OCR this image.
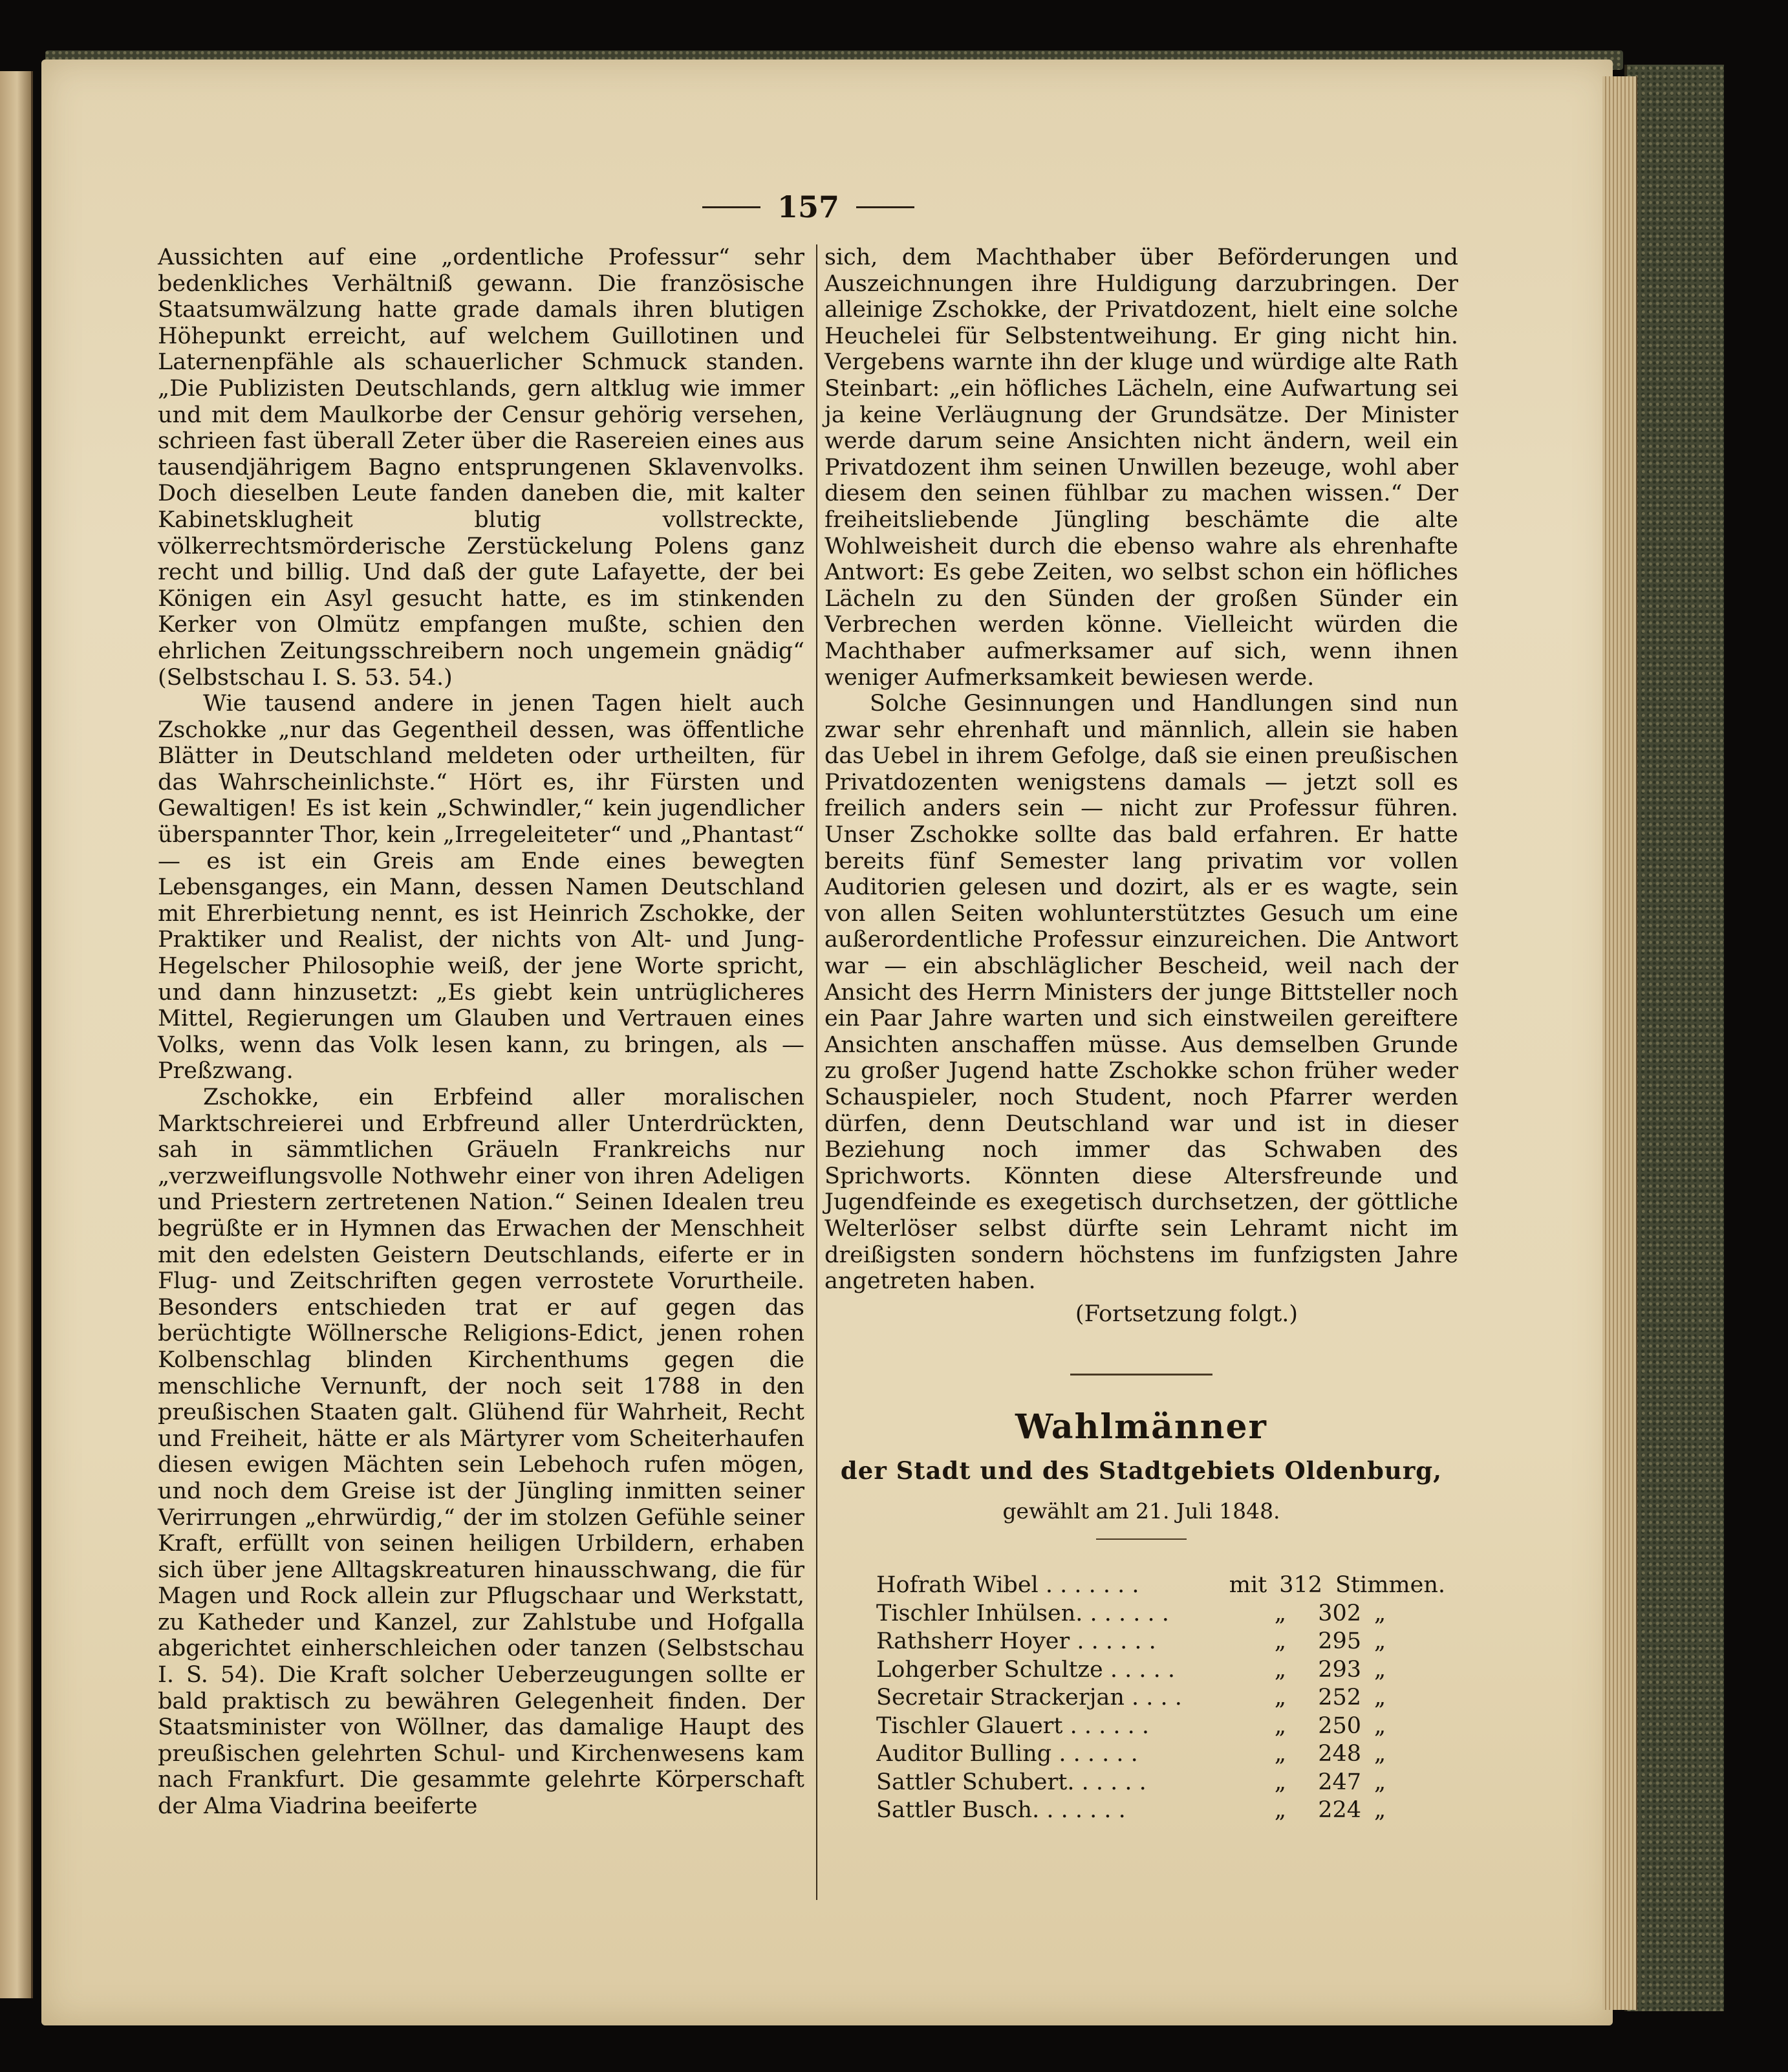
157

Aussichten auf eine „ordentliche Professur“ sehr bedenkliches Verhältniß gewann. Die französische Staatsumwälzung hatte grade damals ihren blutigen Höhepunkt erreicht, auf welchem Guillotinen und Laternenpfähle als schauerlicher Schmuck standen. „Die Publizisten Deutschlands, gern altklug wie immer und mit dem Maulkorbe der Censur gehörig versehen, schrieen fast überall Zeter über die Rasereien eines aus tausendjährigem Bagno entsprungenen Sklavenvolks. Doch dieselben Leute fanden daneben die, mit kalter Kabinetsklugheit blutig vollstreckte, völkerrechtsmörderische Zerstückelung Polens ganz recht und billig. Und daß der gute Lafayette, der bei Königen ein Asyl gesucht hatte, es im stinkenden Kerker von Olmütz empfangen mußte, schien den ehrlichen Zeitungsschreibern noch ungemein gnädig“ (Selbstschau I. S. 53. 54.)

Wie tausend andere in jenen Tagen hielt auch Zschokke „nur das Gegentheil dessen, was öffentliche Blätter in Deutschland meldeten oder urtheilten, für das Wahrscheinlichste.“ Hört es, ihr Fürsten und Gewaltigen! Es ist kein „Schwindler,“ kein jugendlicher überspannter Thor, kein „Irregeleiteter“ und „Phantast“ — es ist ein Greis am Ende eines bewegten Lebensganges, ein Mann, dessen Namen Deutschland mit Ehrerbietung nennt, es ist Heinrich Zschokke, der Praktiker und Realist, der nichts von Alt- und Jung-Hegelscher Philosophie weiß, der jene Worte spricht, und dann hinzusetzt: „Es giebt kein untrüglicheres Mittel, Regierungen um Glauben und Vertrauen eines Volks, wenn das Volk lesen kann, zu bringen, als — Preßzwang.

Zschokke, ein Erbfeind aller moralischen Marktschreierei und Erbfreund aller Unterdrückten, sah in sämmtlichen Gräueln Frankreichs nur „verzweiflungsvolle Nothwehr einer von ihren Adeligen und Priestern zertretenen Nation.“ Seinen Idealen treu begrüßte er in Hymnen das Erwachen der Menschheit mit den edelsten Geistern Deutschlands, eiferte er in Flug- und Zeitschriften gegen verrostete Vorurtheile. Besonders entschieden trat er auf gegen das berüchtigte Wöllnersche Religions-Edict, jenen rohen Kolbenschlag blinden Kirchenthums gegen die menschliche Vernunft, der noch seit 1788 in den preußischen Staaten galt. Glühend für Wahrheit, Recht und Freiheit, hätte er als Märtyrer vom Scheiterhaufen diesen ewigen Mächten sein Lebehoch rufen mögen, und noch dem Greise ist der Jüngling inmitten seiner Verirrungen „ehrwürdig,“ der im stolzen Gefühle seiner Kraft, erfüllt von seinen heiligen Urbildern, erhaben sich über jene Alltagskreaturen hinausschwang, die für Magen und Rock allein zur Pflugschaar und Werkstatt, zu Katheder und Kanzel, zur Zahlstube und Hofgalla abgerichtet einherschleichen oder tanzen (Selbstschau I. S. 54). Die Kraft solcher Ueberzeugungen sollte er bald praktisch zu bewähren Gelegenheit finden. Der Staatsminister von Wöllner, das damalige Haupt des preußischen gelehrten Schul- und Kirchenwesens kam nach Frankfurt. Die gesammte gelehrte Körperschaft der Alma Viadrina beeiferte

sich, dem Machthaber über Beförderungen und Auszeichnungen ihre Huldigung darzubringen. Der alleinige Zschokke, der Privatdozent, hielt eine solche Heuchelei für Selbstentweihung. Er ging nicht hin. Vergebens warnte ihn der kluge und würdige alte Rath Steinbart: „ein höfliches Lächeln, eine Aufwartung sei ja keine Verläugnung der Grundsätze. Der Minister werde darum seine Ansichten nicht ändern, weil ein Privatdozent ihm seinen Unwillen bezeuge, wohl aber diesem den seinen fühlbar zu machen wissen.“ Der freiheitsliebende Jüngling beschämte die alte Wohlweisheit durch die ebenso wahre als ehrenhafte Antwort: Es gebe Zeiten, wo selbst schon ein höfliches Lächeln zu den Sünden der großen Sünder ein Verbrechen werden könne. Vielleicht würden die Machthaber aufmerksamer auf sich, wenn ihnen weniger Aufmerksamkeit bewiesen werde.

Solche Gesinnungen und Handlungen sind nun zwar sehr ehrenhaft und männlich, allein sie haben das Uebel in ihrem Gefolge, daß sie einen preußischen Privatdozenten wenigstens damals — jetzt soll es freilich anders sein — nicht zur Professur führen. Unser Zschokke sollte das bald erfahren. Er hatte bereits fünf Semester lang privatim vor vollen Auditorien gelesen und dozirt, als er es wagte, sein von allen Seiten wohlunterstütztes Gesuch um eine außerordentliche Professur einzureichen. Die Antwort war — ein abschläglicher Bescheid, weil nach der Ansicht des Herrn Ministers der junge Bittsteller noch ein Paar Jahre warten und sich einstweilen gereiftere Ansichten anschaffen müsse. Aus demselben Grunde zu großer Jugend hatte Zschokke schon früher weder Schauspieler, noch Student, noch Pfarrer werden dürfen, denn Deutschland war und ist in dieser Beziehung noch immer das Schwaben des Sprichworts. Könnten diese Altersfreunde und Jugendfeinde es exegetisch durchsetzen, der göttliche Welterlöser selbst dürfte sein Lehramt nicht im dreißigsten sondern höchstens im funfzigsten Jahre angetreten haben.

(Fortsetzung folgt.)

Wahlmänner
der Stadt und des Stadtgebiets Oldenburg,
gewählt am 21. Juli 1848.
Hofrath Wibel . . . . . . .	mit 312 Stimmen.
Tischler Inhülsen. . . . . . .	„	302 „
Rathsherr Hoyer . . . . . .	„	295 „
Lohgerber Schultze . . . . .	„	293 „
Secretair Strackerjan . . . .	„	252 „
Tischler Glauert . . . . . .	„	250 „
Auditor Bulling . . . . . .	„	248 „
Sattler Schubert. . . . . .	„	247 „
Sattler Busch. . . . . . .	„	224 „
